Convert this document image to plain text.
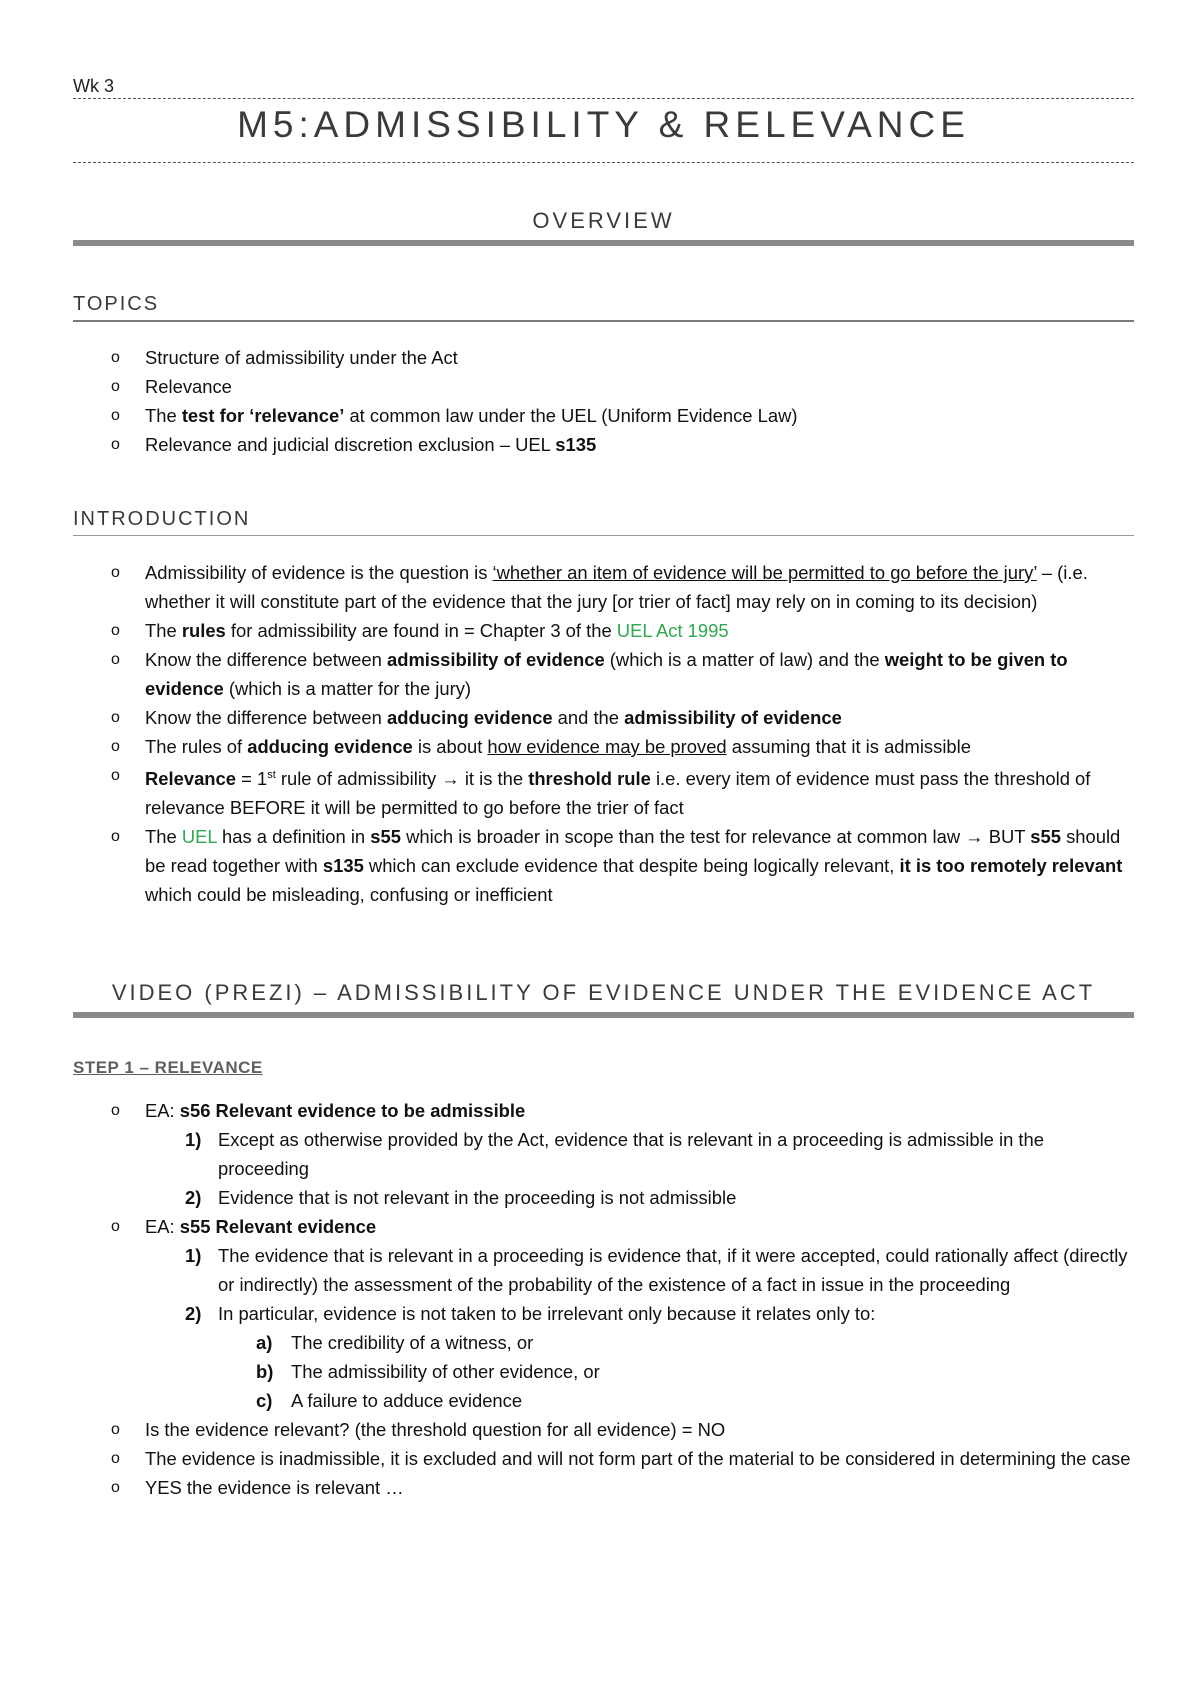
Wk 3
M5:ADMISSIBILITY & RELEVANCE
OVERVIEW
TOPICS
o Structure of admissibility under the Act
o Relevance
o The test for ‘relevance’ at common law under the UEL (Uniform Evidence Law)
o Relevance and judicial discretion exclusion – UEL s135
INTRODUCTION
o Admissibility of evidence is the question is ‘whether an item of evidence will be permitted to go before the jury’ – (i.e. whether it will constitute part of the evidence that the jury [or trier of fact] may rely on in coming to its decision)
o The rules for admissibility are found in = Chapter 3 of the UEL Act 1995
o Know the difference between admissibility of evidence (which is a matter of law) and the weight to be given to evidence (which is a matter for the jury)
o Know the difference between adducing evidence and the admissibility of evidence
o The rules of adducing evidence is about how evidence may be proved assuming that it is admissible
o Relevance = 1st rule of admissibility → it is the threshold rule i.e. every item of evidence must pass the threshold of relevance BEFORE it will be permitted to go before the trier of fact
o The UEL has a definition in s55 which is broader in scope than the test for relevance at common law → BUT s55 should be read together with s135 which can exclude evidence that despite being logically relevant, it is too remotely relevant which could be misleading, confusing or inefficient
VIDEO (PREZI) – ADMISSIBILITY OF EVIDENCE UNDER THE EVIDENCE ACT
STEP 1 – RELEVANCE
o EA: s56 Relevant evidence to be admissible
1) Except as otherwise provided by the Act, evidence that is relevant in a proceeding is admissible in the proceeding
2) Evidence that is not relevant in the proceeding is not admissible
o EA: s55 Relevant evidence
1) The evidence that is relevant in a proceeding is evidence that, if it were accepted, could rationally affect (directly or indirectly) the assessment of the probability of the existence of a fact in issue in the proceeding
2) In particular, evidence is not taken to be irrelevant only because it relates only to:
a) The credibility of a witness, or
b) The admissibility of other evidence, or
c) A failure to adduce evidence
o Is the evidence relevant? (the threshold question for all evidence) = NO
o The evidence is inadmissible, it is excluded and will not form part of the material to be considered in determining the case
o YES the evidence is relevant …
